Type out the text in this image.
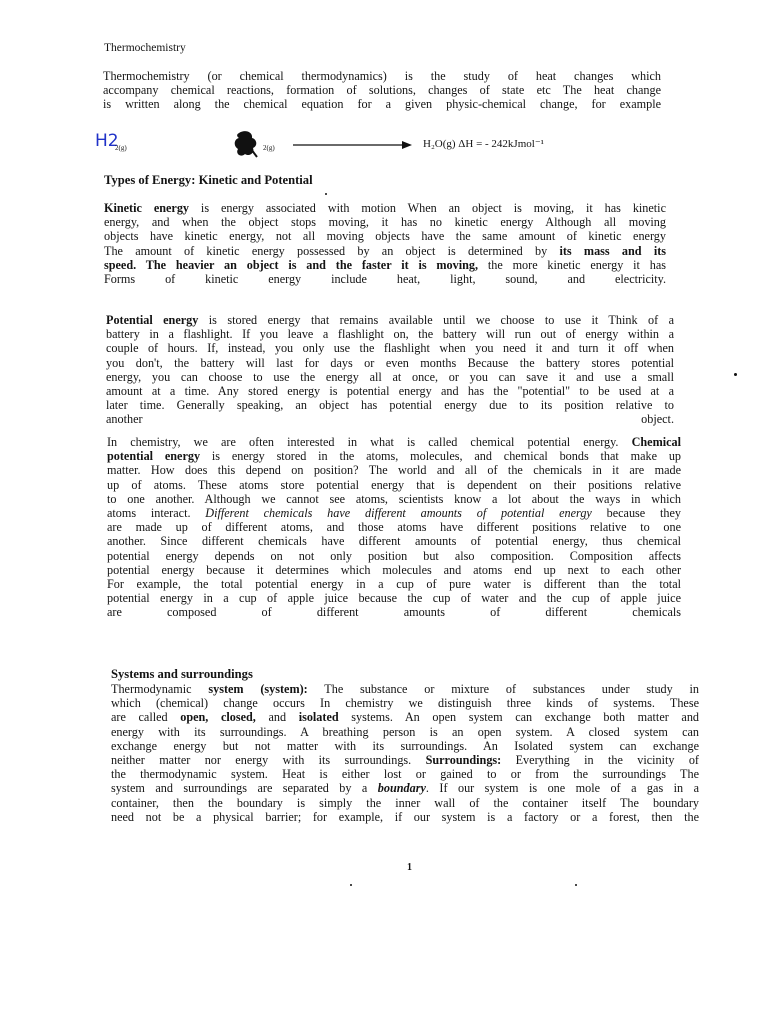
Thermochemistry

Thermochemistry (or chemical thermodynamics) is the study of heat changes which
accompany chemical reactions, formation of solutions, changes of state etc The heat change
is written along the chemical equation for a given physic-chemical change, for example

H2
2(g)	2(g)	H₂O(g) ΔH = - 242kJmol⁻¹
Types of Energy: Kinetic and Potential

Kinetic energy is energy associated with motion When an object is moving, it has kinetic
energy, and when the object stops moving, it has no kinetic energy Although all moving
objects have kinetic energy, not all moving objects have the same amount of kinetic energy
The amount of kinetic energy possessed by an object is determined by its mass and its
speed. The heavier an object is and the faster it is moving, the more kinetic energy it has
Forms of kinetic energy include heat, light, sound, and electricity.

Potential energy is stored energy that remains available until we choose to use it Think of a
battery in a flashlight. If you leave a flashlight on, the battery will run out of energy within a
couple of hours. If, instead, you only use the flashlight when you need it and turn it off when
you don't, the battery will last for days or even months Because the battery stores potential
energy, you can choose to use the energy all at once, or you can save it and use a small
amount at a time. Any stored energy is potential energy and has the "potential" to be used at a
later time. Generally speaking, an object has potential energy due to its position relative to
another object.

In chemistry, we are often interested in what is called chemical potential energy. Chemical
potential energy is energy stored in the atoms, molecules, and chemical bonds that make up
matter. How does this depend on position? The world and all of the chemicals in it are made
up of atoms. These atoms store potential energy that is dependent on their positions relative
to one another. Although we cannot see atoms, scientists know a lot about the ways in which
atoms interact. Different chemicals have different amounts of potential energy because they
are made up of different atoms, and those atoms have different positions relative to one
another. Since different chemicals have different amounts of potential energy, thus chemical
potential energy depends on not only position but also composition. Composition affects
potential energy because it determines which molecules and atoms end up next to each other
For example, the total potential energy in a cup of pure water is different than the total
potential energy in a cup of apple juice because the cup of water and the cup of apple juice
are composed of different amounts of different chemicals

Systems and surroundings

Thermodynamic system (system): The substance or mixture of substances under study in
which (chemical) change occurs In chemistry we distinguish three kinds of systems. These
are called open, closed, and isolated systems. An open system can exchange both matter and
energy with its surroundings. A breathing person is an open system. A closed system can
exchange energy but not matter with its surroundings. An Isolated system can exchange
neither matter nor energy with its surroundings. Surroundings: Everything in the vicinity of
the thermodynamic system. Heat is either lost or gained to or from the surroundings The
system and surroundings are separated by a boundary. If our system is one mole of a gas in a
container, then the boundary is simply the inner wall of the container itself The boundary
need not be a physical barrier; for example, if our system is a factory or a forest, then the

1
